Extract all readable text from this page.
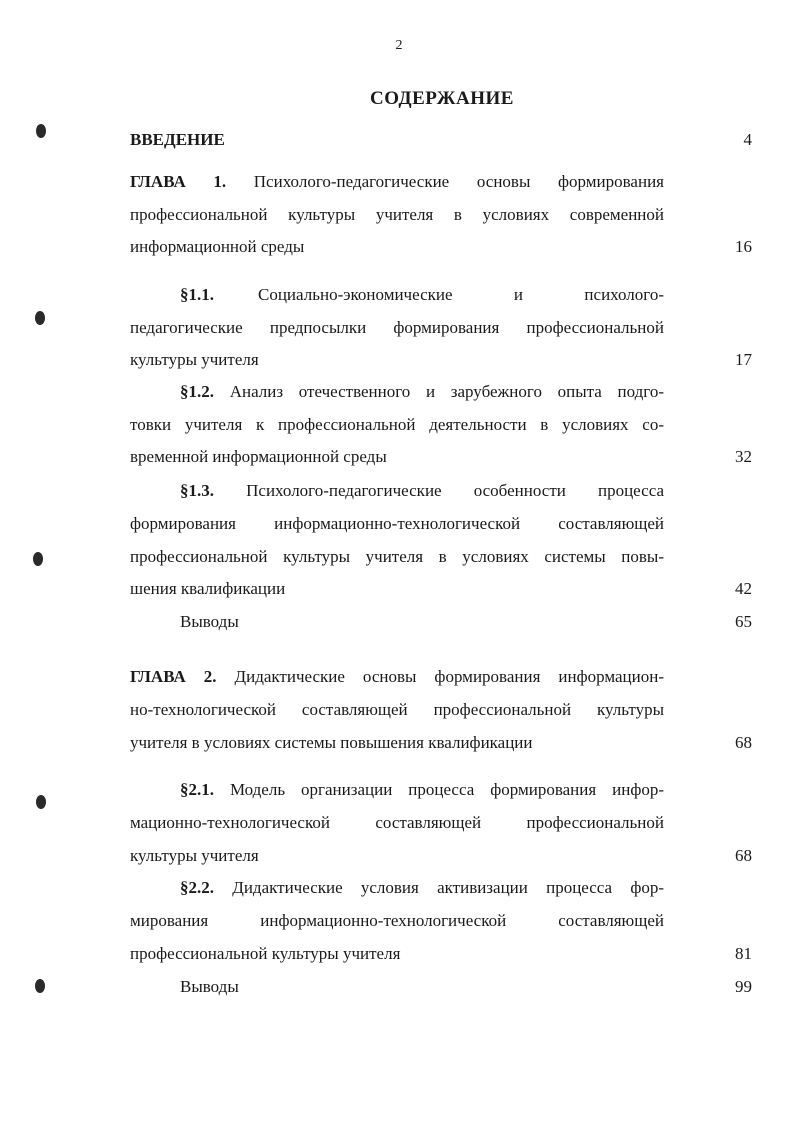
2
СОДЕРЖАНИЕ
ВВЕДЕНИЕ	4
ГЛАВА 1. Психолого-педагогические основы формирования
профессиональной культуры учителя в условиях современной
информационной среды	16
§1.1.	Социально-экономические и психолого-
педагогические предпосылки формирования профессиональной
культуры учителя	17
§1.2. Анализ отечественного и зарубежного опыта подго-
товки учителя к профессиональной деятельности в условиях со-
временной информационной среды	32
§1.3. Психолого-педагогические особенности процесса
формирования информационно-технологической составляющей
профессиональной культуры учителя в условиях системы повы-
шения квалификации	42
Выводы	65
ГЛАВА 2. Дидактические основы формирования информацион-
но-технологической составляющей профессиональной культуры
учителя в условиях системы повышения квалификации	68
§2.1. Модель организации процесса формирования инфор-
мационно-технологической составляющей профессиональной
культуры учителя	68
§2.2. Дидактические условия активизации процесса фор-
мирования информационно-технологической составляющей
профессиональной культуры учителя	81
Выводы	99
